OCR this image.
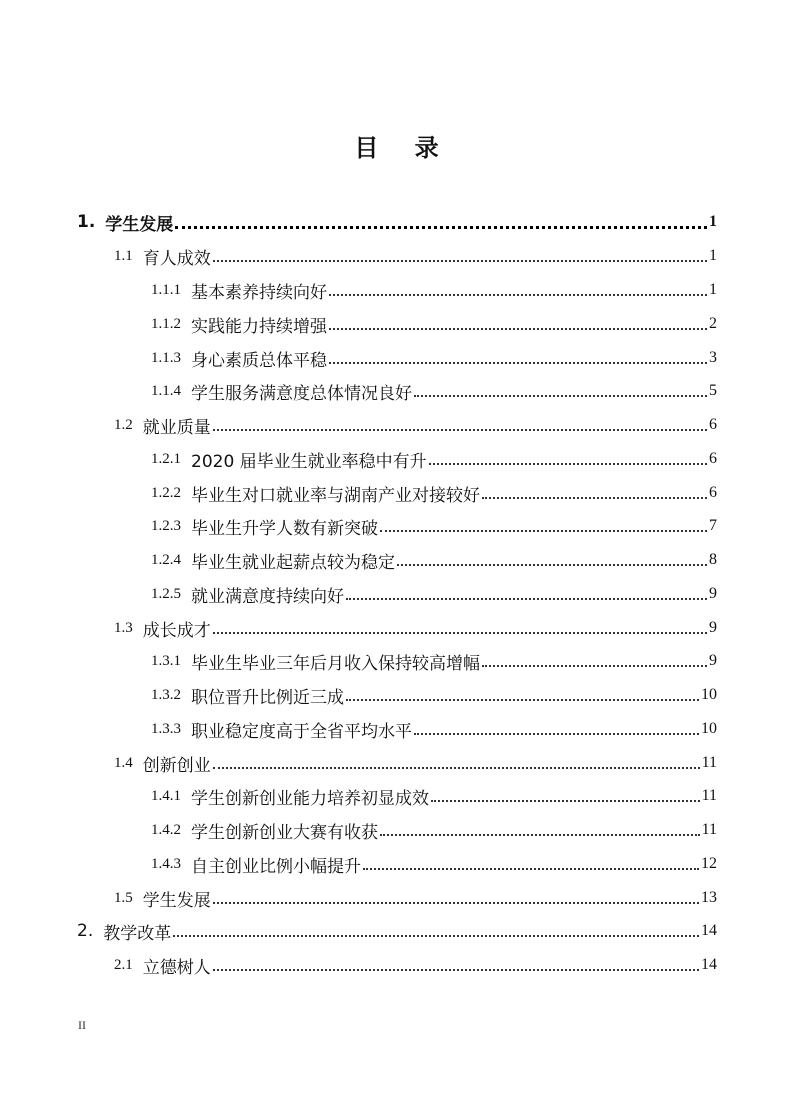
目 录
1. 学生发展	1
1.1 育人成效	1
1.1.1 基本素养持续向好	1
1.1.2 实践能力持续增强	2
1.1.3 身心素质总体平稳	3
1.1.4 学生服务满意度总体情况良好	5
1.2 就业质量	6
1.2.1 2020 届毕业生就业率稳中有升	6
1.2.2 毕业生对口就业率与湖南产业对接较好	6
1.2.3 毕业生升学人数有新突破	7
1.2.4 毕业生就业起薪点较为稳定	8
1.2.5 就业满意度持续向好	9
1.3 成长成才	9
1.3.1 毕业生毕业三年后月收入保持较高增幅	9
1.3.2 职位晋升比例近三成	10
1.3.3 职业稳定度高于全省平均水平	10
1.4 创新创业	11
1.4.1 学生创新创业能力培养初显成效	11
1.4.2 学生创新创业大赛有收获	11
1.4.3 自主创业比例小幅提升	12
1.5 学生发展	13
2. 教学改革	14
2.1 立德树人	14
II
